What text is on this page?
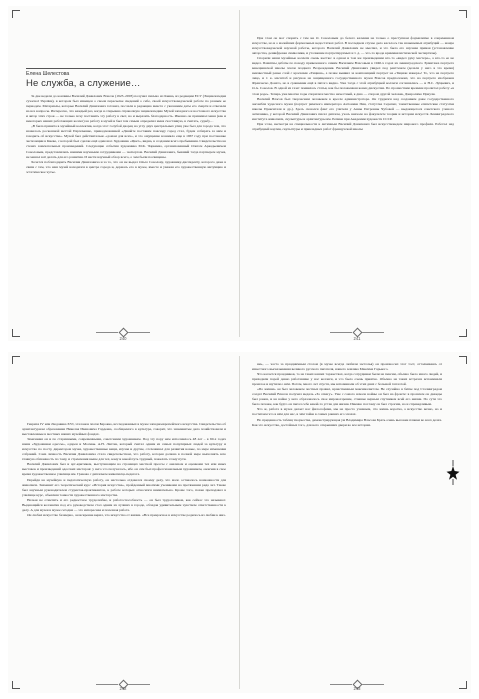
Елена Шелестова
Не служба, а служение…

За две недели до кончины Василий Данилович Власов (1923–2003) получил письмо из Киева, из редакции ЕСУ (Энциклопедия сучасної України), в котором был извещен о своем пересылке сведений о себе, своей искусствоведческой работе по разным ее периодам. Материалы, которые Василий Данилович готовил, послали в редакцию вместе с указанием даты его смерти и отвечали на все вопросы. Интересно, что каждый раз, когда я открываю справочную энциклопедию Музей западного и восточного искусства и автор этих строк — не только хочу поставить эту работу в свет, но и выразить благодарность. Именно он принимал меня (как и некоторых наших работающих коллег) на работу в музей и был тем самым определил меня счастливую, в считать, судьбу…

„В была принята в музейный коллектив, когда этот голубой дворец на углу двух центральных улиц уже был для города тем, что назвалось роскошной меттой Пархоменко, принадлежавшей «Давайте поставим повсюду город стал, будем собирать за ним и говорить об искусстве». Музей был действительно «домом для всех», и это ощущение возникло еще в 1967 году при постановке экспозиции в Киеве, с которой был сделан ещё один шаг. Художник «Цвет», видна, в создании всего пребывания. Свидетельства на стенах замечательных произведений. Следующие события художника М.К. Чаркиева, организованный Олегом Аркадьевичем Соколовым, представлялись нашими научными сотрудниками — экспертом. Василий Данилович, бывший тогда партнером музея, не мешал всё делать для его развития. И нести научный обзор всего, о чем были посвящены.

Хочется поблагодарить Василия Даниловича и за то, что он не выдал Ольге Соколову, художнику-диссиденту, которого даже в связи с тем, что наш музей находился в центре города и, держась его в музее, вместе и уважая его художественную интуицию и эстетическое чутье.

240

При этом он мог спорить с тем же О. Соколовым до белого каления не только о преступном формализме в современном искусстве, но и о малейших формальных недостатках работ. В последнем случае дело касалось так называемых атрибуций — жанра искусствоведческой научной работы, которого Василий Данилович не мыслил, и это была его научная прямая (установление авторства, дешифровка символики, и уточнение портретируемых и т. д. — что-то вроде криминалистической экспертизы).

Спорили наши музейные коллеги очень жестко: в одном и том же произведении кто-то «видел руку мастера», а кто-то ее не видел. Памятны дебаты по поводу привезенного самим Василием Власовым в 1940-х годах из ленинградского Эрмитажа портрета венецианской школы эпохи позднего Возрождения. Василий Данилович увидел под рентгеном (делали у него в это время) неизвестный ранее слой с красками «Тициан», а позже выявил за композицией портрет на «Тициан манера»! То, что на портрете лицо, и т. к. масштаб и рисунок на защищенного государственного музея Власов предположил, что на портрете изображен Франческо Донато, но в сравнении ещё в пятого видно. Уже тогда с этой атрибуцией коллеги соглашались — и Н.С. Луцкевич, и О.А. Соколов. В одной из газет появилась статья, как бы положенная конец дискуссии. По прошествии времени прочитал работу «в этом роде». Теперь уже многие годы спорили и местно нечестный, к дню — спором другой человек, Джеролямо Приули.

Василий Власов был творческим человеком в кресле администратора. Он трудился над созданием даже государственного ансамбля чудесного музея (портрет римского императора Антонина Пия, статуэтка Серапис, таинственные египетские статуэтки школы Праксителя и др.). Здесь сказался факт его учителя у Анны Петровны Чубовой — выдающегося советского ученого античника, у которой Василий Данилович писал диплом, учась вначале на факультете теории и истории искусств Ленинградского института живописи, скульптуры и архитектуры им. Репина при Академии художеств СССР.

При этом, несмотря на специальности к античным Василий Данилович был искусствоведом широкого профиля. Работал над атрибуцией картин, скульптуры и прикладных работ французской школы

241

Генриха IV или Людовика XVI, эталонов эпохи Барокко, исследованных в музее западноевропейского искусства. Свидетельство об архитектурном образовании Николая Ивановича Гордеева, сообщаемого в культуре, говорит, что знаменитые дела хозяйствовали и выставленные в местных наших музейных фондах.

Замечания он и по старинными, современными, советскими художникам. Под эту пору нам исполнилось 48 лет – в 60-х годах наши «Художники одессы», одарен и Москвы. А.Н. Лаптев, который считал одним из самых популярных людей за культуру и искусство по посту, директором музея, художественные вещи, изучая и другие, отслеживал для развития новые, по мере изменения собраний. Сама личность Василия Даниловича стала свидетельством, что работу, которая должна в полной мере выполнять всю главную обязанность по тому, и стремления выше для тех, кому и какой путь трудный, пожелать этому пути.

Василий Данилович был и арт-критиком, выступающим на страницах местной прессы с анализом и оценками тех или иных выставок и произведений одесских мастеров: у него это получалось, ибо он сам был профессиональным художником, окончив в свое время художественное училище им. Грекова с дипломом живописца-педагога.

Перейдя на музейную и педагогическую работу, он настолько отдавался своему делу, что мало оставалось возможности для живописи. Знаменит его теоретический курс «История искусства», пройденный многими учениками на протяжении ряда лет. Также был научным руководителем студентов-практикантов, к работе которых относился внимательно. Кроме того, позже преподавал в училище курс, объясняя тонкости художественного мастерства.

Нельзя не отметить и его редкостное трудолюбие, и работоспособность — он был трудоголиком, как сейчас это называют. Выдающийся коллектив под его руководством стал одним из лучших в городе, обладая удивительным чувством ответственности к делу. А для музея в музее сегодня — это интересная и полезная работа.

Он любил искусство безмерно, он искренне верил, что искусство от жизни. «Все прекрасное в искусстве родилось из любви к жиз-

242

ни», — часто за праздничным столом (в музее всегда любили застолья) он произносил этот тост, отталкиваясь от известного высказывания великого русского писателя, нашего земляка Максима Горького.

Что касается праздников, то на таких наших торжествах, когда сотрудники были на пенсии, обычно было много людей, и приходили порой давно работавшие у нас коллеги, и это было очень приятно. Обычно на таких встречах вспоминали прошлое и шутили о нём. Потом, много лет спустя, мы вспоминали об этих днях с большой теплотой.

«По жизни» он был человеком честных правил, нравственным максималистом. Не случайно в битве под Сталинградом солдат Василий Власов получил медаль «За отвагу». Уже с самого начала войны он был на фронте: в прошлом он дважды был ранен, и на войне у него образовалось свое мировоззрение, ставшее верным спутником всей его жизни. По сути это было похоже, как будто он писал себе какой-то устав для жизни. Именно поэтому он был строгим, но и справедливым.

Что ж, работа в музее делает нас философами, мы не просто узнаваем, что жизнь коротка, а искусство вечно, но и постигаем что в нём для нас, в чём тайна в самых ранних его эпохах.

Но приданность таблиц творчества, демонстрирующая ум Владимира Власова Брать очень высокие планки во всех делах. Как это искусства, достойных того, для него открывших двери во все истории.

243
